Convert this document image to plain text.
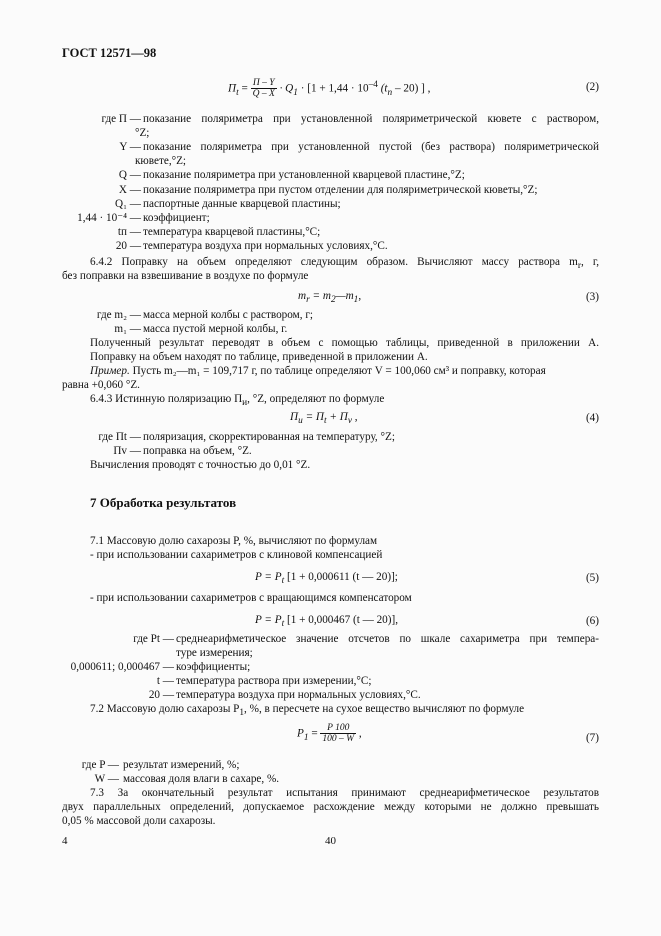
ГОСТ 12571—98
$П_t = \frac{П - Y}{Q - X} \cdot Q_1 \cdot [1 + 1,44 \cdot 10^{-4}$ $(t_п - 20)$ ] ,	(2)
где П — показание поляриметра при установленной поляриметрической кювете с раствором,
°Z;
Y — показание поляриметра при установленной пустой (без раствора) поляриметрической
кювете,°Z;
Q — показание поляриметра при установленной кварцевой пластине,°Z;
X — показание поляриметра при пустом отделении для поляриметрической кюветы,°Z;
Q₁ — паспортные данные кварцевой пластины;
1,44 · 10⁻⁴ — коэффициент;
tп — температура кварцевой пластины,°C;
20 — температура воздуха при нормальных условиях,°C.
6.4.2 Поправку на объем определяют следующим образом. Вычисляют массу раствора $m_r$, г,
без поправки на взвешивание в воздухе по формуле
$m_r$ = $m_2—m_1$,	(3)
где m₂ — масса мерной колбы с раствором, г;
m₁ — масса пустой мерной колбы, г.
Полученный результат переводят в объем с помощью таблицы, приведенной в приложении А.
Поправку на объем находят по таблице, приведенной в приложении А.
Пример. Пусть m₂—m₁ = 109,717 г, по таблице определяют V = 100,060 см³ и поправку, которая
равна +0,060 °Z.
6.4.3 Истинную поляризацию $П_и$, °Z, определяют по формуле
$П_и = П_t + П_v$ ,	(4)
где Пt — поляризация, скорректированная на температуру, °Z;
Пv — поправка на объем, °Z.
Вычисления проводят с точностью до 0,01 °Z.
7 Обработка результатов
7.1 Массовую долю сахарозы P, %, вычисляют по формулам
- при использовании сахариметров с клиновой компенсацией
$P = P_t$ [1 + 0,000611 (t — 20)];	(5)
- при использовании сахариметров с вращающимся компенсатором
$P = P_t$ [1 + 0,000467 (t — 20)],	(6)
где Pt — среднеарифметическое значение отсчетов по шкале сахариметра при темпера-
туре измерения;
0,000611; 0,000467 — коэффициенты;
t — температура раствора при измерении,°C;
20 — температура воздуха при нормальных условиях,°C.
7.2 Массовую долю сахарозы $P_1$, %, в пересчете на сухое вещество вычисляют по формуле
$P_1 = \frac{P 100}{100 - W}$ ,	(7)
где P — результат измерений, %;
W — массовая доля влаги в сахаре, %.
7.3 За окончательный результат испытания принимают среднеарифметическое результатов
двух параллельных определений, допускаемое расхождение между которыми не должно превышать
0,05 % массовой доли сахарозы.
4	40
